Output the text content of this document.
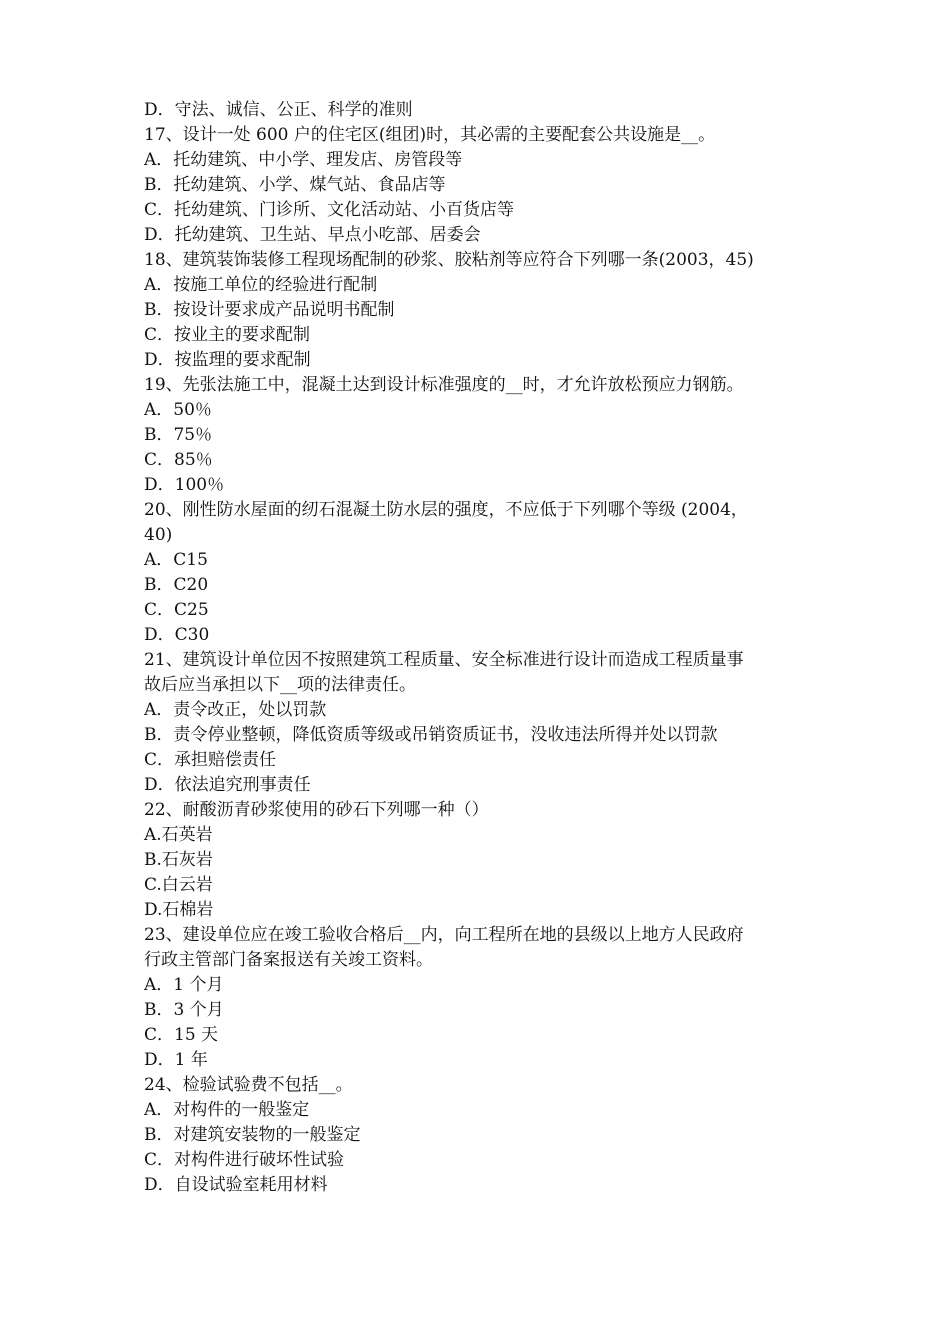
D．守法、诚信、公正、科学的准则
17、设计一处 600 户的住宅区(组团)时，其必需的主要配套公共设施是__。
A．托幼建筑、中小学、理发店、房管段等
B．托幼建筑、小学、煤气站、食品店等
C．托幼建筑、门诊所、文化活动站、小百货店等
D．托幼建筑、卫生站、早点小吃部、居委会
18、建筑装饰装修工程现场配制的砂浆、胶粘剂等应符合下列哪一条(2003，45)
A．按施工单位的经验进行配制
B．按设计要求成产品说明书配制
C．按业主的要求配制
D．按监理的要求配制
19、先张法施工中，混凝土达到设计标准强度的__时，才允许放松预应力钢筋。
A．50％
B．75％
C．85％
D．100％
20、刚性防水屋面的纫石混凝土防水层的强度，不应低于下列哪个等级 (2004，
40)
A．C15
B．C20
C．C25
D．C30
21、建筑设计单位因不按照建筑工程质量、安全标准进行设计而造成工程质量事
故后应当承担以下__项的法律责任。
A．责令改正，处以罚款
B．责令停业整顿，降低资质等级或吊销资质证书，没收违法所得并处以罚款
C．承担赔偿责任
D．依法追究刑事责任
22、耐酸沥青砂浆使用的砂石下列哪一种（）
A.石英岩
B.石灰岩
C.白云岩
D.石棉岩
23、建设单位应在竣工验收合格后__内，向工程所在地的县级以上地方人民政府
行政主管部门备案报送有关竣工资料。
A．1 个月
B．3 个月
C．15 天
D．1 年
24、检验试验费不包括__。
A．对构件的一般鉴定
B．对建筑安装物的一般鉴定
C．对构件进行破坏性试验
D．自设试验室耗用材料
